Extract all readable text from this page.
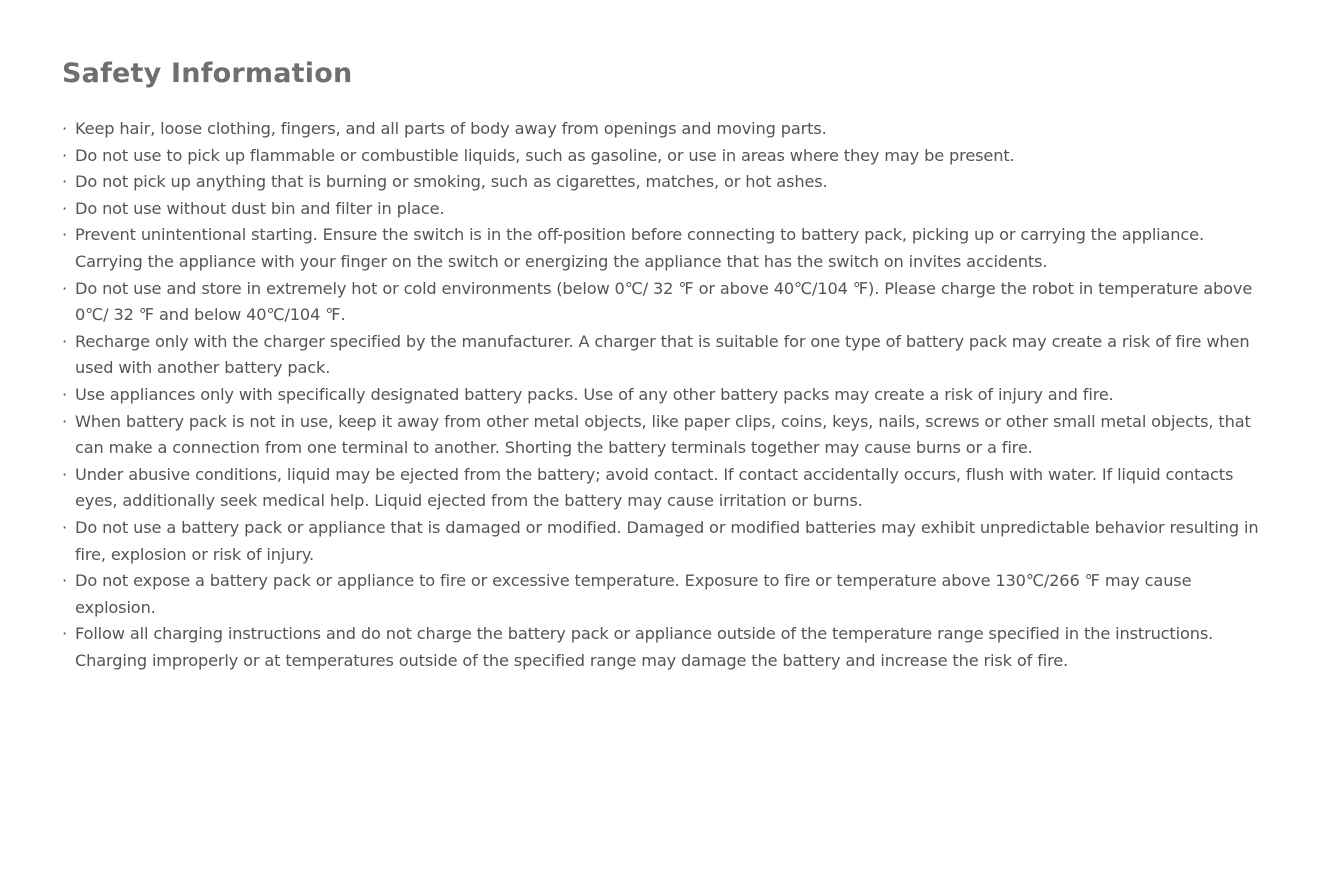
Safety Information
· Keep hair, loose clothing, fingers, and all parts of body away from openings and moving parts.
· Do not use to pick up flammable or combustible liquids, such as gasoline, or use in areas where they may be present.
· Do not pick up anything that is burning or smoking, such as cigarettes, matches, or hot ashes.
· Do not use without dust bin and filter in place.
· Prevent unintentional starting. Ensure the switch is in the off-position before connecting to battery pack, picking up or carrying the appliance. Carrying the appliance with your finger on the switch or energizing the appliance that has the switch on invites accidents.
· Do not use and store in extremely hot or cold environments (below 0℃/ 32 ℉ or above 40℃/104 ℉). Please charge the robot in temperature above 0℃/ 32 ℉ and below 40℃/104 ℉.
· Recharge only with the charger specified by the manufacturer. A charger that is suitable for one type of battery pack may create a risk of fire when used with another battery pack.
· Use appliances only with specifically designated battery packs. Use of any other battery packs may create a risk of injury and fire.
· When battery pack is not in use, keep it away from other metal objects, like paper clips, coins, keys, nails, screws or other small metal objects, that can make a connection from one terminal to another. Shorting the battery terminals together may cause burns or a fire.
· Under abusive conditions, liquid may be ejected from the battery; avoid contact. If contact accidentally occurs, flush with water. If liquid contacts eyes, additionally seek medical help. Liquid ejected from the battery may cause irritation or burns.
· Do not use a battery pack or appliance that is damaged or modified. Damaged or modified batteries may exhibit unpredictable behavior resulting in fire, explosion or risk of injury.
· Do not expose a battery pack or appliance to fire or excessive temperature. Exposure to fire or temperature above 130℃/266 ℉ may cause explosion.
· Follow all charging instructions and do not charge the battery pack or appliance outside of the temperature range specified in the instructions. Charging improperly or at temperatures outside of the specified range may damage the battery and increase the risk of fire.
